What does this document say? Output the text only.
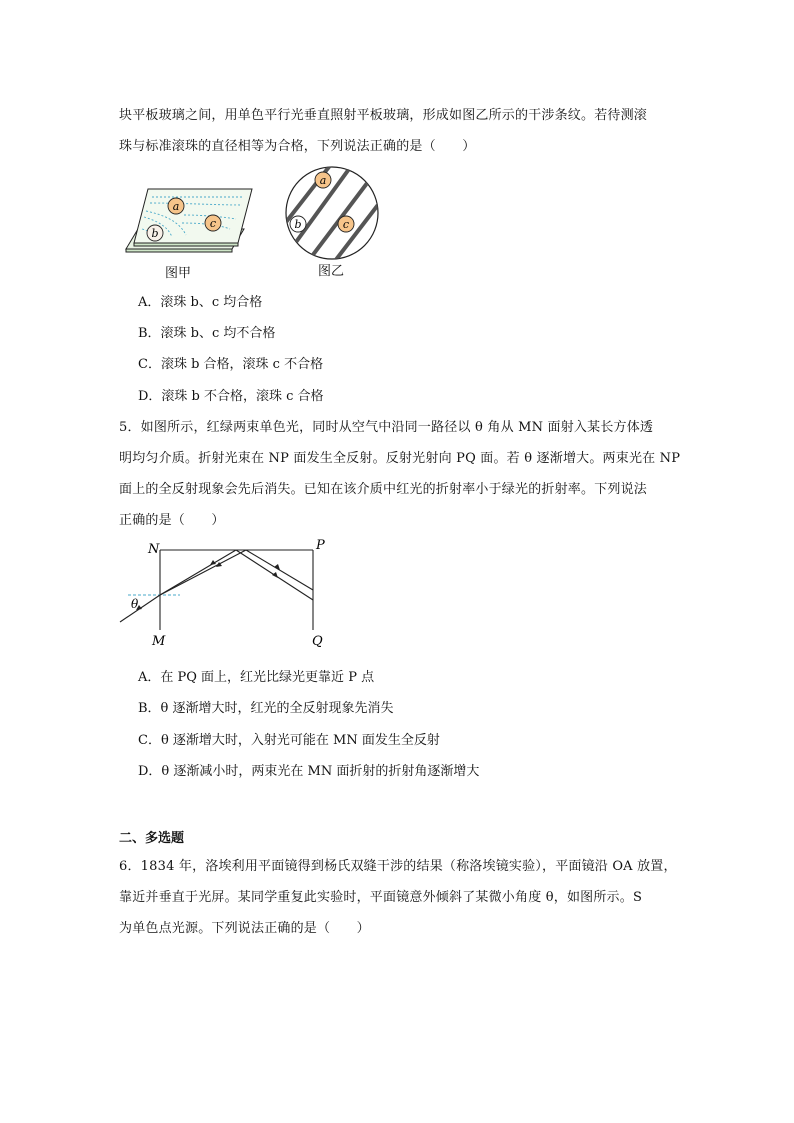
块平板玻璃之间，用单色平行光垂直照射平板玻璃，形成如图乙所示的干涉条纹。若待测滚
珠与标准滚珠的直径相等为合格，下列说法正确的是（　　）
a
b
c
图甲
a
b	c
图乙
A．滚珠 b、c 均合格
B．滚珠 b、c 均不合格
C．滚珠 b 合格，滚珠 c 不合格
D．滚珠 b 不合格，滚珠 c 合格
5．如图所示，红绿两束单色光，同时从空气中沿同一路径以 θ 角从 MN 面射入某长方体透
明均匀介质。折射光束在 NP 面发生全反射。反射光射向 PQ 面。若 θ 逐渐增大。两束光在 NP
面上的全反射现象会先后消失。已知在该介质中红光的折射率小于绿光的折射率。下列说法
正确的是（　　）
N	P
M	Q
θ
A．在 PQ 面上，红光比绿光更靠近 P 点
B．θ 逐渐增大时，红光的全反射现象先消失
C．θ 逐渐增大时，入射光可能在 MN 面发生全反射
D．θ 逐渐减小时，两束光在 MN 面折射的折射角逐渐增大
二、多选题
6．1834 年，洛埃利用平面镜得到杨氏双缝干涉的结果（称洛埃镜实验），平面镜沿 OA 放置，
靠近并垂直于光屏。某同学重复此实验时，平面镜意外倾斜了某微小角度 θ，如图所示。S
为单色点光源。下列说法正确的是（　　）
